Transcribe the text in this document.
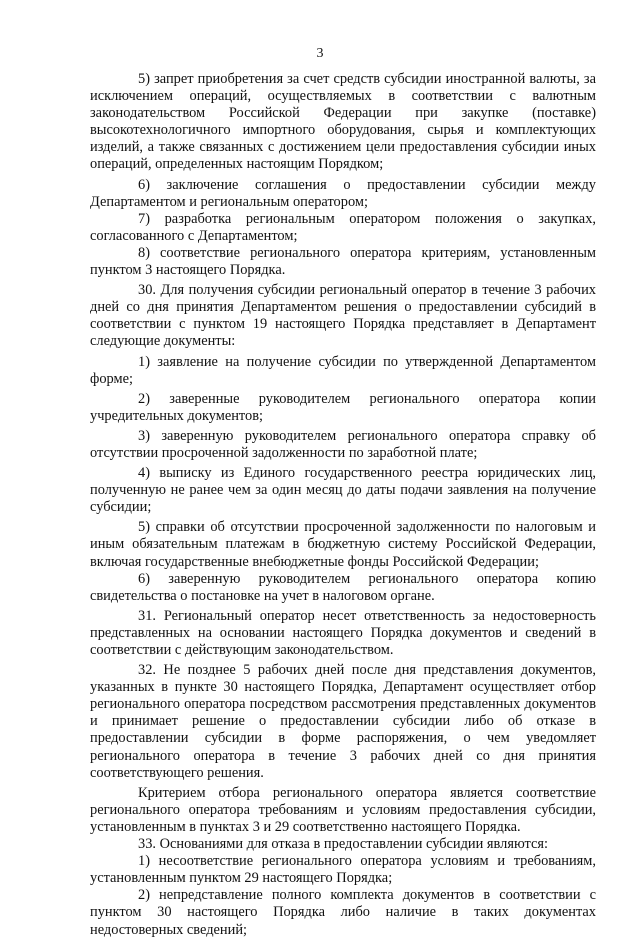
3

5) запрет приобретения за счет средств субсидии иностранной валюты, за исключением операций, осуществляемых в соответствии с валютным законодательством Российской Федерации при закупке (поставке) высокотехнологичного импортного оборудования, сырья и комплектующих изделий, а также связанных с достижением цели предоставления субсидии иных операций, определенных настоящим Порядком;

6) заключение соглашения о предоставлении субсидии между Департаментом и региональным оператором;

7) разработка региональным оператором положения о закупках, согласованного с Департаментом;

8) соответствие регионального оператора критериям, установленным пунктом 3 настоящего Порядка.

30. Для получения субсидии региональный оператор в течение 3 рабочих дней со дня принятия Департаментом решения о предоставлении субсидий в соответствии с пунктом 19 настоящего Порядка представляет в Департамент следующие документы:

1) заявление на получение субсидии по утвержденной Департаментом форме;

2) заверенные руководителем регионального оператора копии учредительных документов;

3) заверенную руководителем регионального оператора справку об отсутствии просроченной задолженности по заработной плате;

4) выписку из Единого государственного реестра юридических лиц, полученную не ранее чем за один месяц до даты подачи заявления на получение субсидии;

5) справки об отсутствии просроченной задолженности по налоговым и иным обязательным платежам в бюджетную систему Российской Федерации, включая государственные внебюджетные фонды Российской Федерации;

6) заверенную руководителем регионального оператора копию свидетельства о постановке на учет в налоговом органе.

31. Региональный оператор несет ответственность за недостоверность представленных на основании настоящего Порядка документов и сведений в соответствии с действующим законодательством.

32. Не позднее 5 рабочих дней после дня представления документов, указанных в пункте 30 настоящего Порядка, Департамент осуществляет отбор регионального оператора посредством рассмотрения представленных документов и принимает решение о предоставлении субсидии либо об отказе в предоставлении субсидии в форме распоряжения, о чем уведомляет регионального оператора в течение 3 рабочих дней со дня принятия соответствующего решения.

Критерием отбора регионального оператора является соответствие регионального оператора требованиям и условиям предоставления субсидии, установленным в пунктах 3 и 29 соответственно настоящего Порядка.

33. Основаниями для отказа в предоставлении субсидии являются:

1) несоответствие регионального оператора условиям и требованиям, установленным пунктом 29 настоящего Порядка;

2) непредставление полного комплекта документов в соответствии с пунктом 30 настоящего Порядка либо наличие в таких документах недостоверных сведений;
